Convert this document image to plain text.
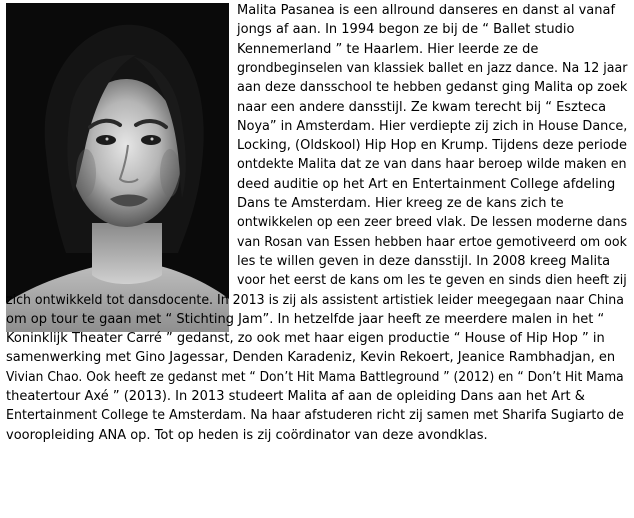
Malita Pasanea is een allround danseres en danst al vanaf
jongs af aan. In 1994 begon ze bij de “ Ballet studio
Kennemerland ” te Haarlem. Hier leerde ze de
grondbeginselen van klassiek ballet en jazz dance. Na 12 jaar
aan deze dansschool te hebben gedanst ging Malita op zoek
naar een andere dansstijl. Ze kwam terecht bij “ Eszteca
Noya” in Amsterdam. Hier verdiepte zij zich in House Dance,
Locking, (Oldskool) Hip Hop en Krump. Tijdens deze periode
ontdekte Malita dat ze van dans haar beroep wilde maken en
deed auditie op het Art en Entertainment College afdeling
Dans te Amsterdam. Hier kreeg ze de kans zich te
ontwikkelen op een zeer breed vlak. De lessen moderne dans
van Rosan van Essen hebben haar ertoe gemotiveerd om ook
les te willen geven in deze dansstijl. In 2008 kreeg Malita
voor het eerst de kans om les te geven en sinds dien heeft zij
zich ontwikkeld tot dansdocente. In 2013 is zij als assistent artistiek leider meegegaan naar China
om op tour te gaan met “ Stichting Jam”. In hetzelfde jaar heeft ze meerdere malen in het “
Koninklijk Theater Carré ” gedanst, zo ook met haar eigen productie “ House of Hip Hop ” in
samenwerking met Gino Jagessar, Denden Karadeniz, Kevin Rekoert, Jeanice Rambhadjan, en
Vivian Chao. Ook heeft ze gedanst met “ Don’t Hit Mama Battleground ” (2012) en “ Don’t Hit Mama
theatertour Axé ” (2013). In 2013 studeert Malita af aan de opleiding Dans aan het Art &
Entertainment College te Amsterdam. Na haar afstuderen richt zij samen met Sharifa Sugiarto de
vooropleiding ANA op. Tot op heden is zij coördinator van deze avondklas.
